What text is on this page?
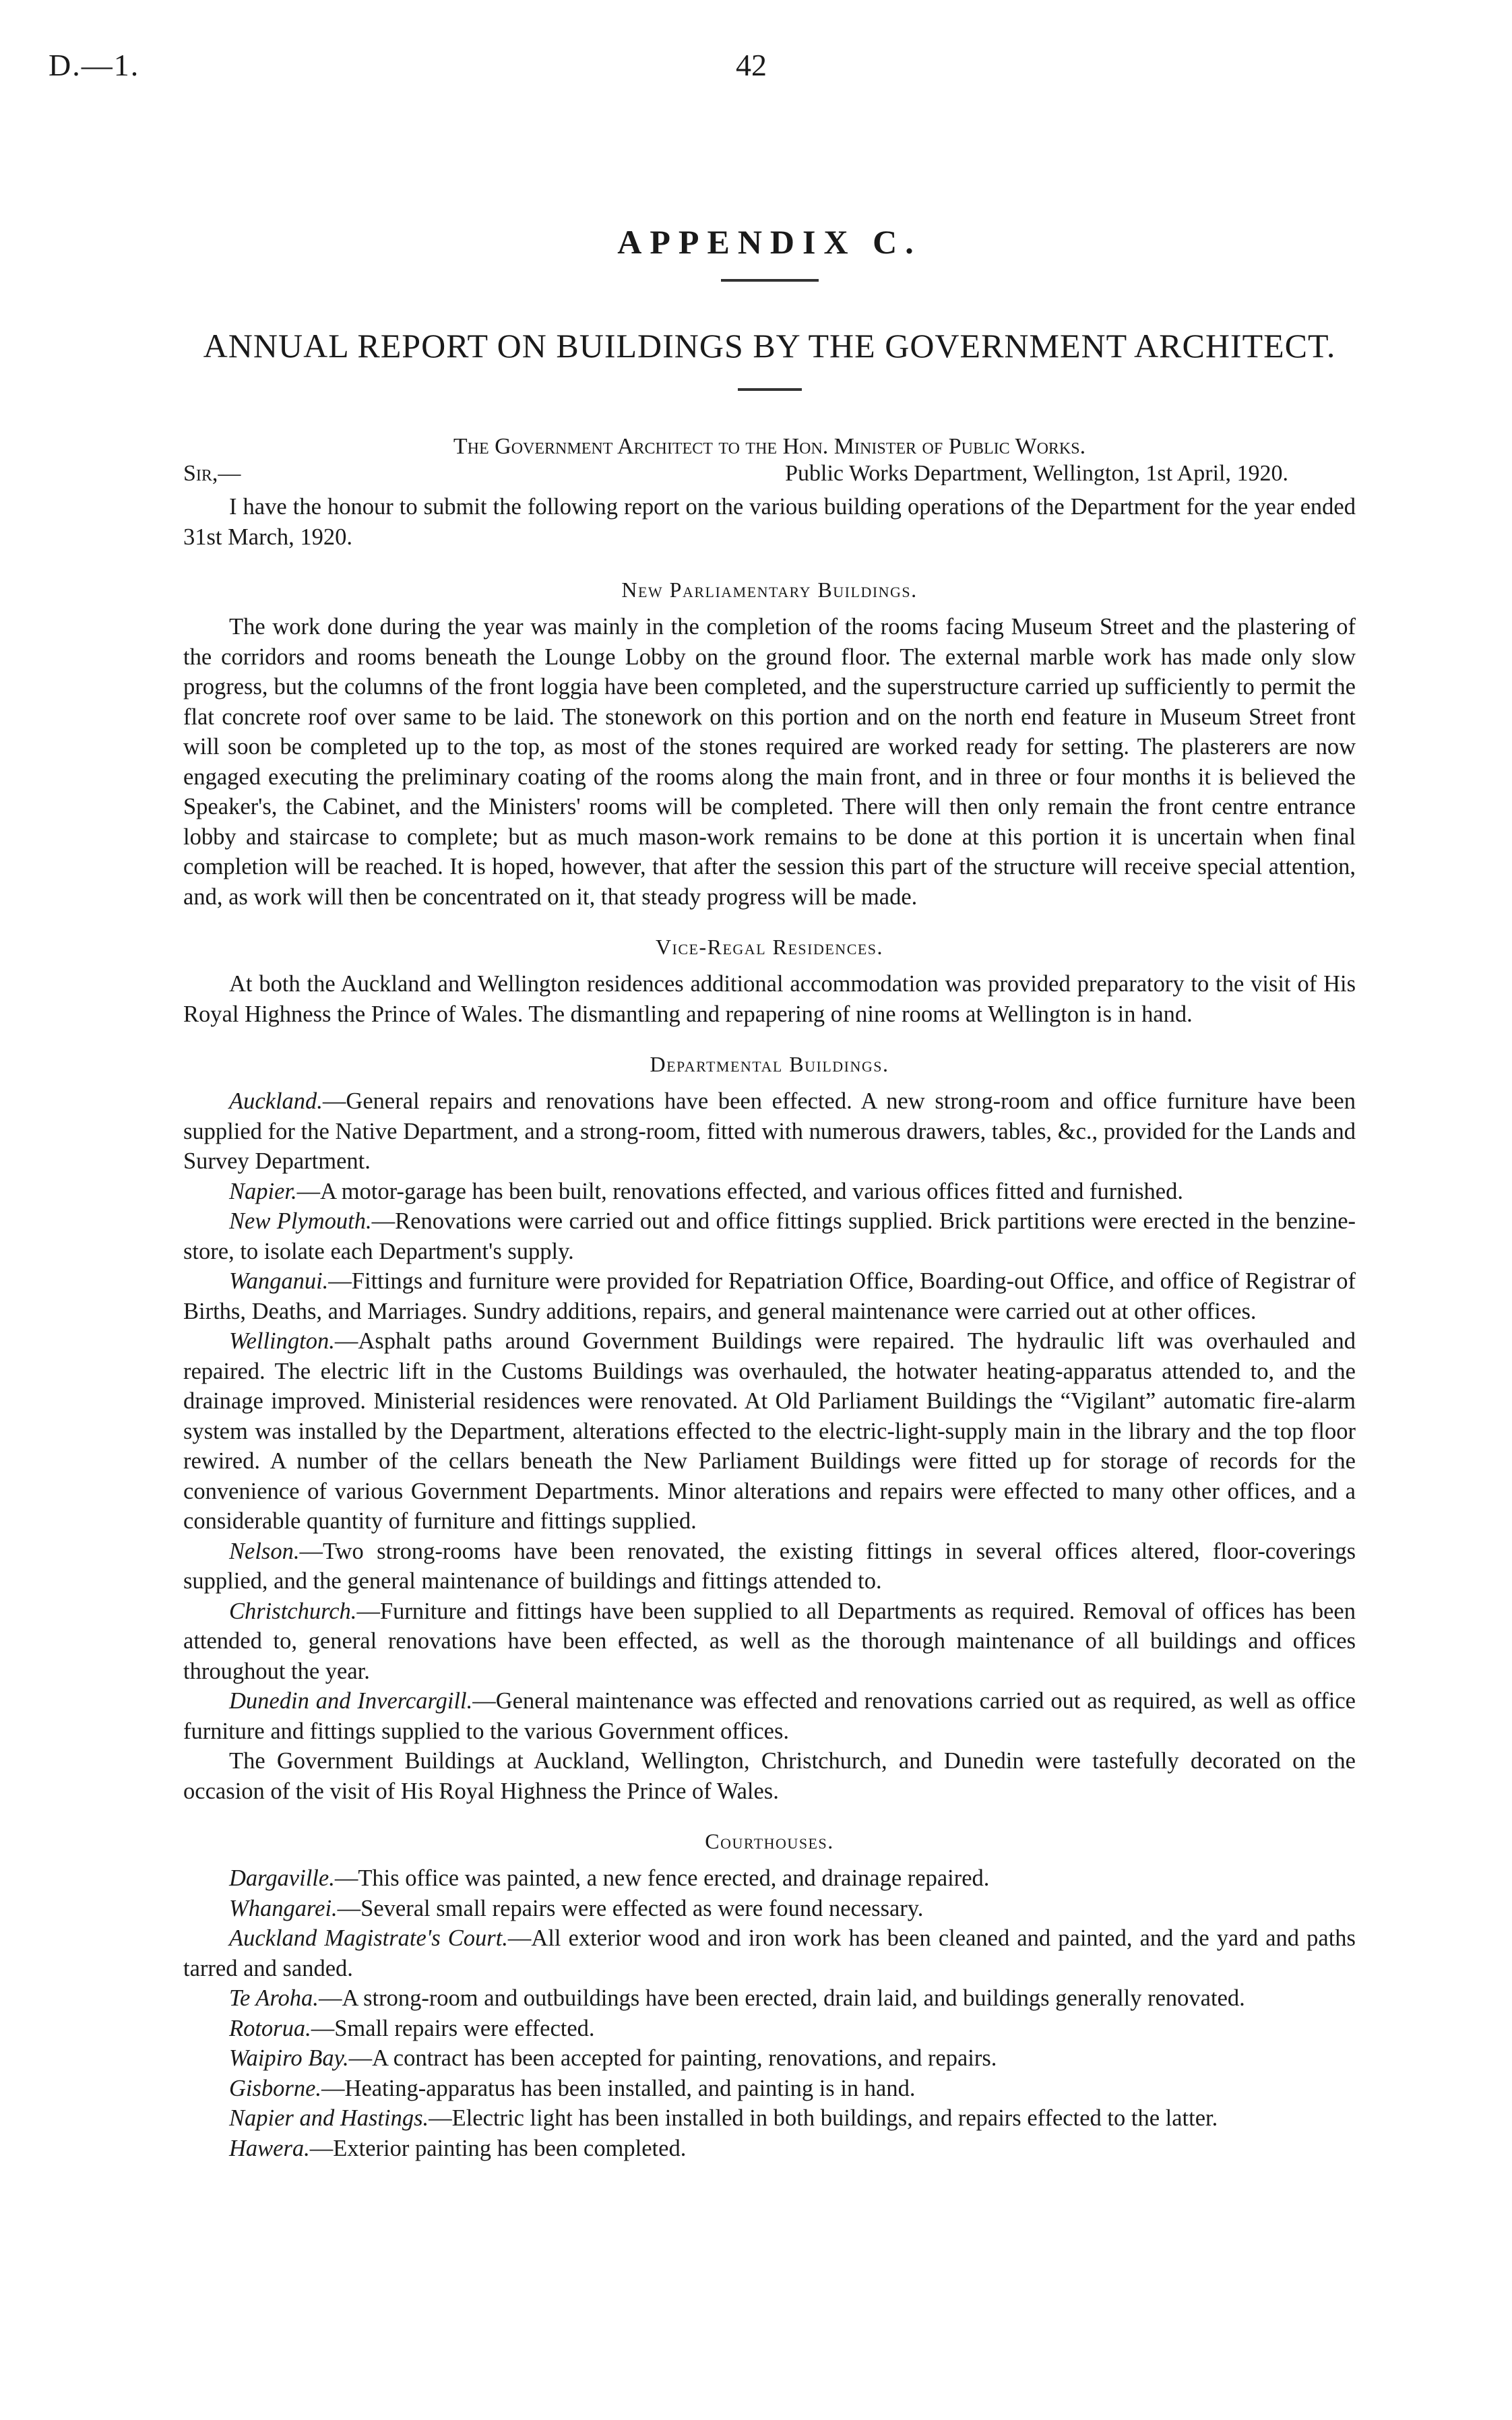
D.—1.	42
APPENDIX C.
ANNUAL REPORT ON BUILDINGS BY THE GOVERNMENT ARCHITECT.
The Government Architect to the Hon. Minister of Public Works.
Sir,—	Public Works Department, Wellington, 1st April, 1920.

I have the honour to submit the following report on the various building operations of the Department for the year ended 31st March, 1920.

New Parliamentary Buildings.

The work done during the year was mainly in the completion of the rooms facing Museum Street and the plastering of the corridors and rooms beneath the Lounge Lobby on the ground floor. The external marble work has made only slow progress, but the columns of the front loggia have been completed, and the superstructure carried up sufficiently to permit the flat concrete roof over same to be laid. The stonework on this portion and on the north end feature in Museum Street front will soon be completed up to the top, as most of the stones required are worked ready for setting. The plasterers are now engaged executing the preliminary coating of the rooms along the main front, and in three or four months it is believed the Speaker's, the Cabinet, and the Ministers' rooms will be completed. There will then only remain the front centre entrance lobby and staircase to complete; but as much mason-work remains to be done at this portion it is uncertain when final completion will be reached. It is hoped, however, that after the session this part of the structure will receive special attention, and, as work will then be concentrated on it, that steady progress will be made.

Vice-Regal Residences.

At both the Auckland and Wellington residences additional accommodation was provided preparatory to the visit of His Royal Highness the Prince of Wales. The dismantling and repapering of nine rooms at Wellington is in hand.

Departmental Buildings.

Auckland.—General repairs and renovations have been effected. A new strong-room and office furniture have been supplied for the Native Department, and a strong-room, fitted with numerous drawers, tables, &c., provided for the Lands and Survey Department.

Napier.—A motor-garage has been built, renovations effected, and various offices fitted and furnished.

New Plymouth.—Renovations were carried out and office fittings supplied. Brick partitions were erected in the benzine-store, to isolate each Department's supply.

Wanganui.—Fittings and furniture were provided for Repatriation Office, Boarding-out Office, and office of Registrar of Births, Deaths, and Marriages. Sundry additions, repairs, and general maintenance were carried out at other offices.

Wellington.—Asphalt paths around Government Buildings were repaired. The hydraulic lift was overhauled and repaired. The electric lift in the Customs Buildings was overhauled, the hotwater heating-apparatus attended to, and the drainage improved. Ministerial residences were renovated. At Old Parliament Buildings the “Vigilant” automatic fire-alarm system was installed by the Department, alterations effected to the electric-light-supply main in the library and the top floor rewired. A number of the cellars beneath the New Parliament Buildings were fitted up for storage of records for the convenience of various Government Departments. Minor alterations and repairs were effected to many other offices, and a considerable quantity of furniture and fittings supplied.

Nelson.—Two strong-rooms have been renovated, the existing fittings in several offices altered, floor-coverings supplied, and the general maintenance of buildings and fittings attended to.

Christchurch.—Furniture and fittings have been supplied to all Departments as required. Removal of offices has been attended to, general renovations have been effected, as well as the thorough maintenance of all buildings and offices throughout the year.

Dunedin and Invercargill.—General maintenance was effected and renovations carried out as required, as well as office furniture and fittings supplied to the various Government offices.

The Government Buildings at Auckland, Wellington, Christchurch, and Dunedin were tastefully decorated on the occasion of the visit of His Royal Highness the Prince of Wales.

Courthouses.

Dargaville.—This office was painted, a new fence erected, and drainage repaired.

Whangarei.—Several small repairs were effected as were found necessary.

Auckland Magistrate's Court.—All exterior wood and iron work has been cleaned and painted, and the yard and paths tarred and sanded.

Te Aroha.—A strong-room and outbuildings have been erected, drain laid, and buildings generally renovated.

Rotorua.—Small repairs were effected.

Waipiro Bay.—A contract has been accepted for painting, renovations, and repairs.

Gisborne.—Heating-apparatus has been installed, and painting is in hand.

Napier and Hastings.—Electric light has been installed in both buildings, and repairs effected to the latter.

Hawera.—Exterior painting has been completed.
